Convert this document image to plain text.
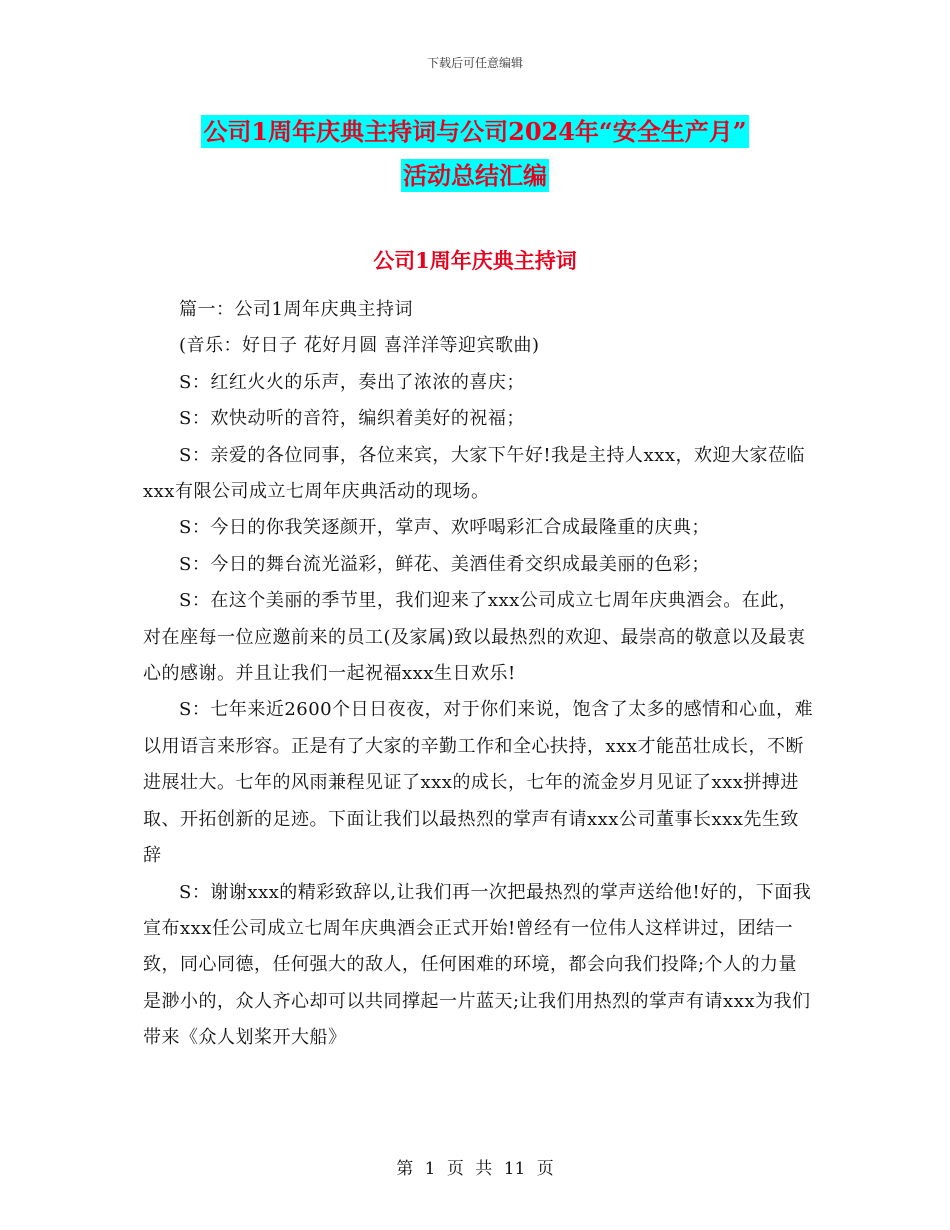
下载后可任意编辑
公司1周年庆典主持词与公司2024年“安全生产月”
活动总结汇编
公司1周年庆典主持词

篇一：公司1周年庆典主持词

(音乐：好日子 花好月圆 喜洋洋等迎宾歌曲)

S：红红火火的乐声，奏出了浓浓的喜庆；

S：欢快动听的音符，编织着美好的祝福；

S：亲爱的各位同事，各位来宾，大家下午好!我是主持人xxx，欢迎大家莅临xxx有限公司成立七周年庆典活动的现场。

S：今日的你我笑逐颜开，掌声、欢呼喝彩汇合成最隆重的庆典；

S：今日的舞台流光溢彩，鲜花、美酒佳肴交织成最美丽的色彩；

S：在这个美丽的季节里，我们迎来了xxx公司成立七周年庆典酒会。在此，对在座每一位应邀前来的员工(及家属)致以最热烈的欢迎、最崇高的敬意以及最衷心的感谢。并且让我们一起祝福xxx生日欢乐!

S：七年来近2600个日日夜夜，对于你们来说，饱含了太多的感情和心血，难以用语言来形容。正是有了大家的辛勤工作和全心扶持，xxx才能茁壮成长，不断进展壮大。七年的风雨兼程见证了xxx的成长，七年的流金岁月见证了xxx拼搏进取、开拓创新的足迹。下面让我们以最热烈的掌声有请xxx公司董事长xxx先生致辞

S：谢谢xxx的精彩致辞以,让我们再一次把最热烈的掌声送给他!好的，下面我宣布xxx任公司成立七周年庆典酒会正式开始!曾经有一位伟人这样讲过，团结一致，同心同德，任何强大的敌人，任何困难的环境，都会向我们投降;个人的力量是渺小的，众人齐心却可以共同撑起一片蓝天;让我们用热烈的掌声有请xxx为我们带来《众人划桨开大船》

第 1 页 共 11 页
